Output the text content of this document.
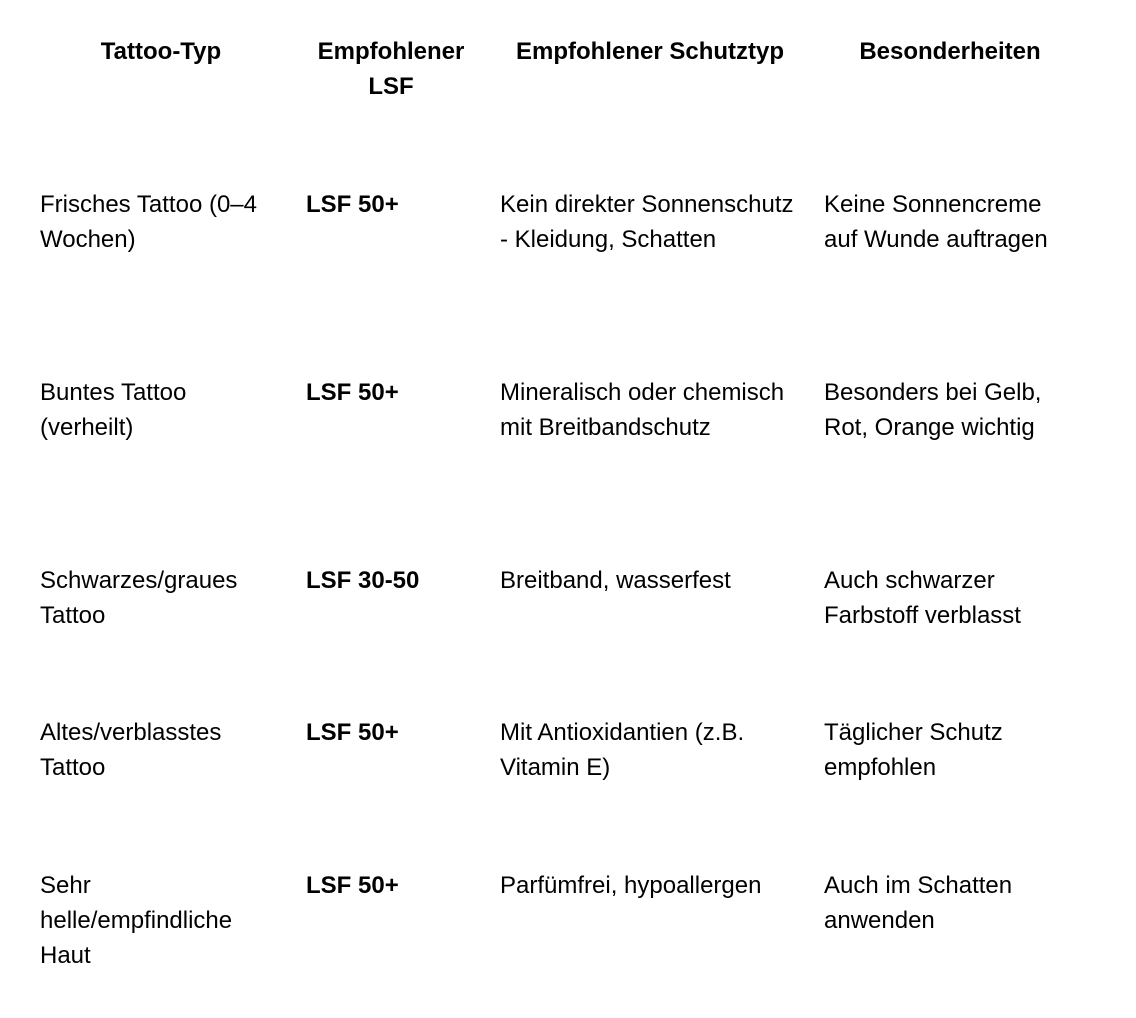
Tattoo-Typ	Empfohlener LSF	Empfohlener Schutztyp	Besonderheiten
Frisches Tattoo (0–4 Wochen)	LSF 50+	Kein direkter Sonnenschutz - Kleidung, Schatten	Keine Sonnencreme auf Wunde auftragen
Buntes Tattoo (verheilt)	LSF 50+	Mineralisch oder chemisch mit Breitbandschutz	Besonders bei Gelb, Rot, Orange wichtig
Schwarzes/graues Tattoo	LSF 30-50	Breitband, wasserfest	Auch schwarzer Farbstoff verblasst
Altes/verblasstes Tattoo	LSF 50+	Mit Antioxidantien (z.B. Vitamin E)	Täglicher Schutz empfohlen
Sehr helle/empfindliche Haut	LSF 50+	Parfümfrei, hypoallergen	Auch im Schatten anwenden
